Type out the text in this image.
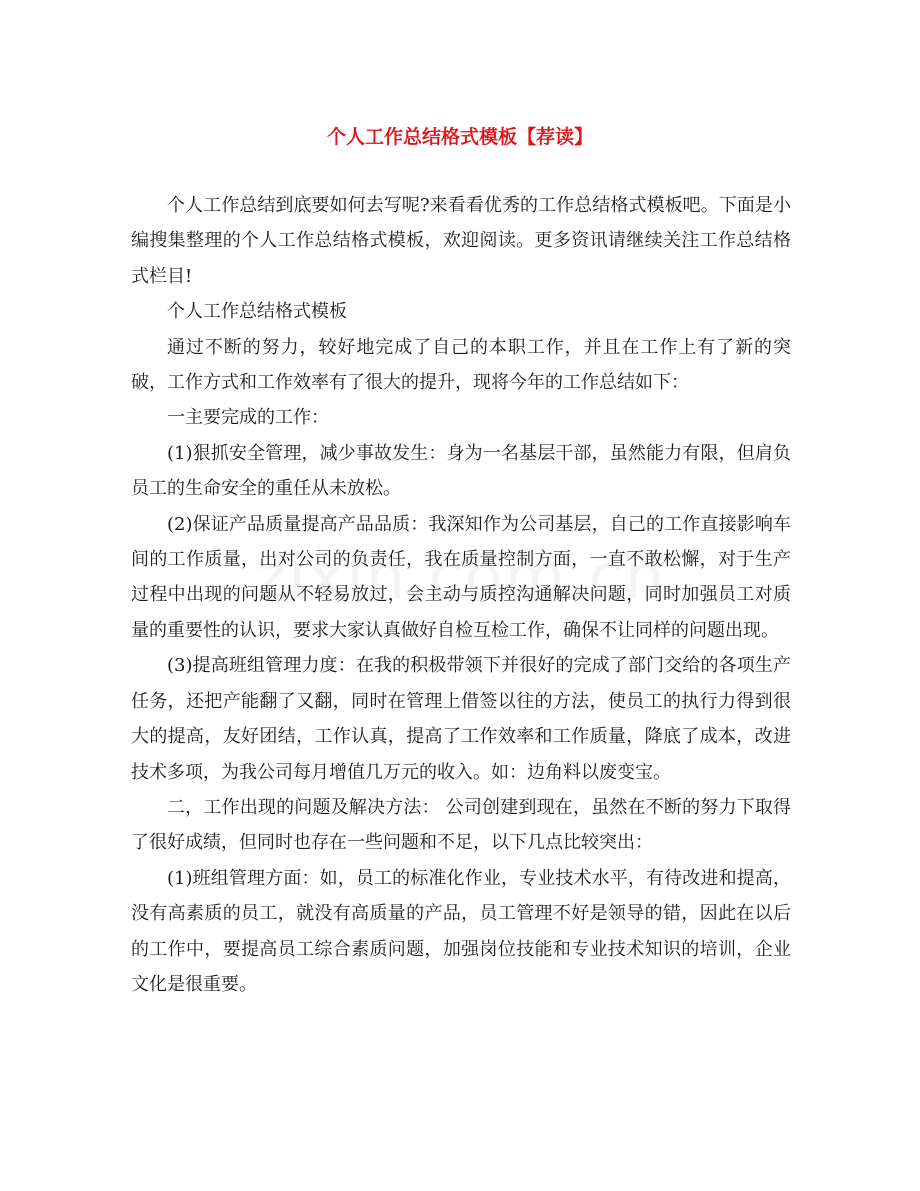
个人工作总结格式模板【荐读】

个人工作总结到底要如何去写呢?来看看优秀的工作总结格式模板吧。下面是小编搜集整理的个人工作总结格式模板，欢迎阅读。更多资讯请继续关注工作总结格式栏目!

个人工作总结格式模板

通过不断的努力，较好地完成了自己的本职工作，并且在工作上有了新的突破，工作方式和工作效率有了很大的提升，现将今年的工作总结如下：

一主要完成的工作：

(1)狠抓安全管理，减少事故发生：身为一名基层干部，虽然能力有限，但肩负员工的生命安全的重任从未放松。

(2)保证产品质量提高产品品质：我深知作为公司基层，自己的工作直接影响车间的工作质量，出对公司的负责任，我在质量控制方面，一直不敢松懈，对于生产过程中出现的问题从不轻易放过，会主动与质控沟通解决问题，同时加强员工对质量的重要性的认识，要求大家认真做好自检互检工作，确保不让同样的问题出现。

(3)提高班组管理力度：在我的积极带领下并很好的完成了部门交给的各项生产任务，还把产能翻了又翻，同时在管理上借签以往的方法，使员工的执行力得到很大的提高，友好团结，工作认真，提高了工作效率和工作质量，降底了成本，改进技术多项，为我公司每月增值几万元的收入。如：边角料以废变宝。

二，工作出现的问题及解决方法： 公司创建到现在，虽然在不断的努力下取得了很好成绩，但同时也存在一些问题和不足，以下几点比较突出：

(1)班组管理方面：如，员工的标准化作业，专业技术水平，有待改进和提高，没有高素质的员工，就没有高质量的产品，员工管理不好是领导的错，因此在以后的工作中，要提高员工综合素质问题，加强岗位技能和专业技术知识的培训，企业文化是很重要。
